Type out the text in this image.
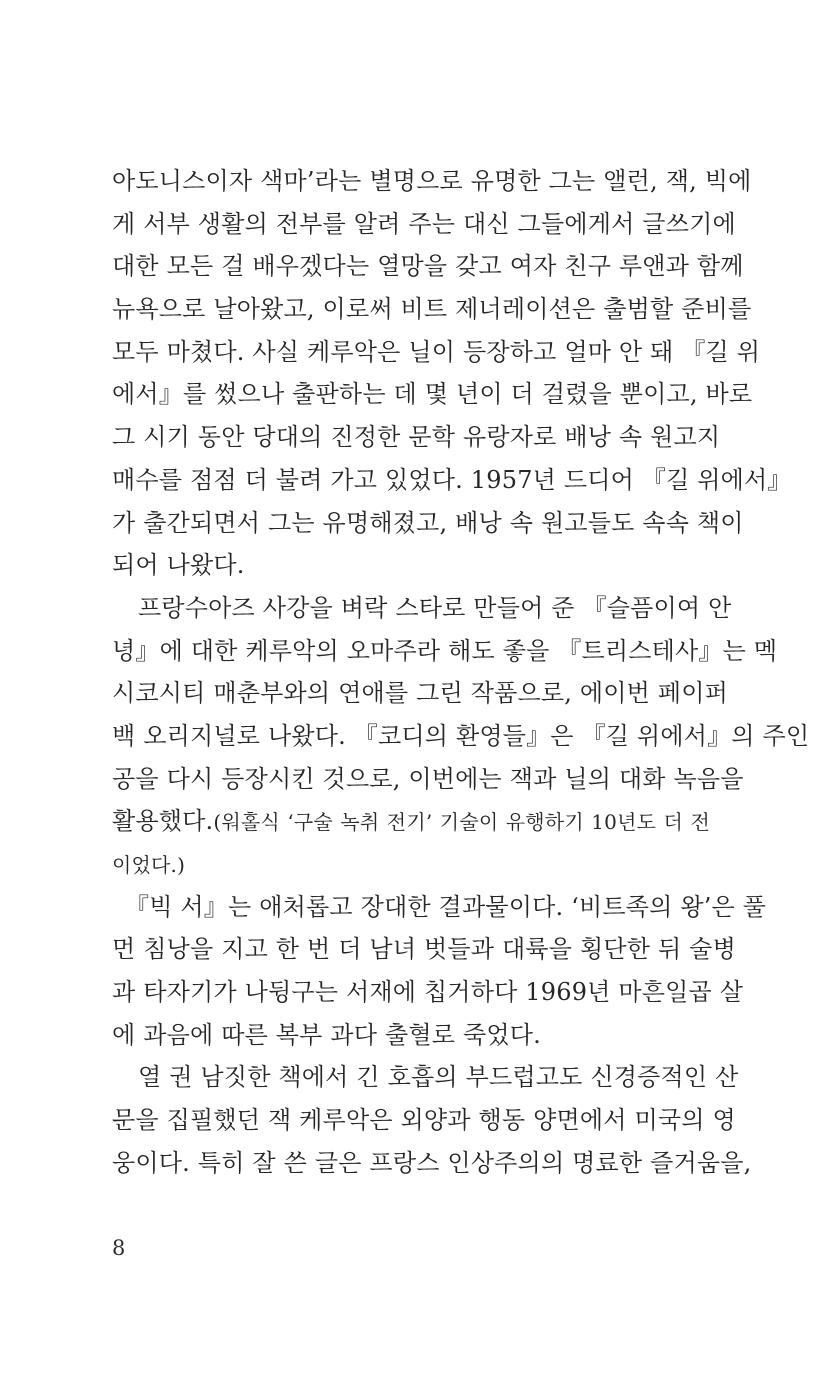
아도니스이자 색마’라는 별명으로 유명한 그는 앨런, 잭, 빅에
게 서부 생활의 전부를 알려 주는 대신 그들에게서 글쓰기에
대한 모든 걸 배우겠다는 열망을 갖고 여자 친구 루앤과 함께
뉴욕으로 날아왔고, 이로써 비트 제너레이션은 출범할 준비를
모두 마쳤다. 사실 케루악은 닐이 등장하고 얼마 안 돼 『길 위
에서』를 썼으나 출판하는 데 몇 년이 더 걸렸을 뿐이고, 바로
그 시기 동안 당대의 진정한 문학 유랑자로 배낭 속 원고지
매수를 점점 더 불려 가고 있었다. 1957년 드디어 『길 위에서』
가 출간되면서 그는 유명해졌고, 배낭 속 원고들도 속속 책이
되어 나왔다.
프랑수아즈 사강을 벼락 스타로 만들어 준 『슬픔이여 안
녕』에 대한 케루악의 오마주라 해도 좋을 『트리스테사』는 멕
시코시티 매춘부와의 연애를 그린 작품으로, 에이번 페이퍼
백 오리지널로 나왔다. 『코디의 환영들』은 『길 위에서』의 주인
공을 다시 등장시킨 것으로, 이번에는 잭과 닐의 대화 녹음을
활용했다.(워홀식 ‘구술 녹취 전기’ 기술이 유행하기 10년도 더 전
이었다.)
『빅 서』는 애처롭고 장대한 결과물이다. ‘비트족의 왕’은 풀
먼 침낭을 지고 한 번 더 남녀 벗들과 대륙을 횡단한 뒤 술병
과 타자기가 나뒹구는 서재에 칩거하다 1969년 마흔일곱 살
에 과음에 따른 복부 과다 출혈로 죽었다.
열 권 남짓한 책에서 긴 호흡의 부드럽고도 신경증적인 산
문을 집필했던 잭 케루악은 외양과 행동 양면에서 미국의 영
웅이다. 특히 잘 쓴 글은 프랑스 인상주의의 명료한 즐거움을,
8
